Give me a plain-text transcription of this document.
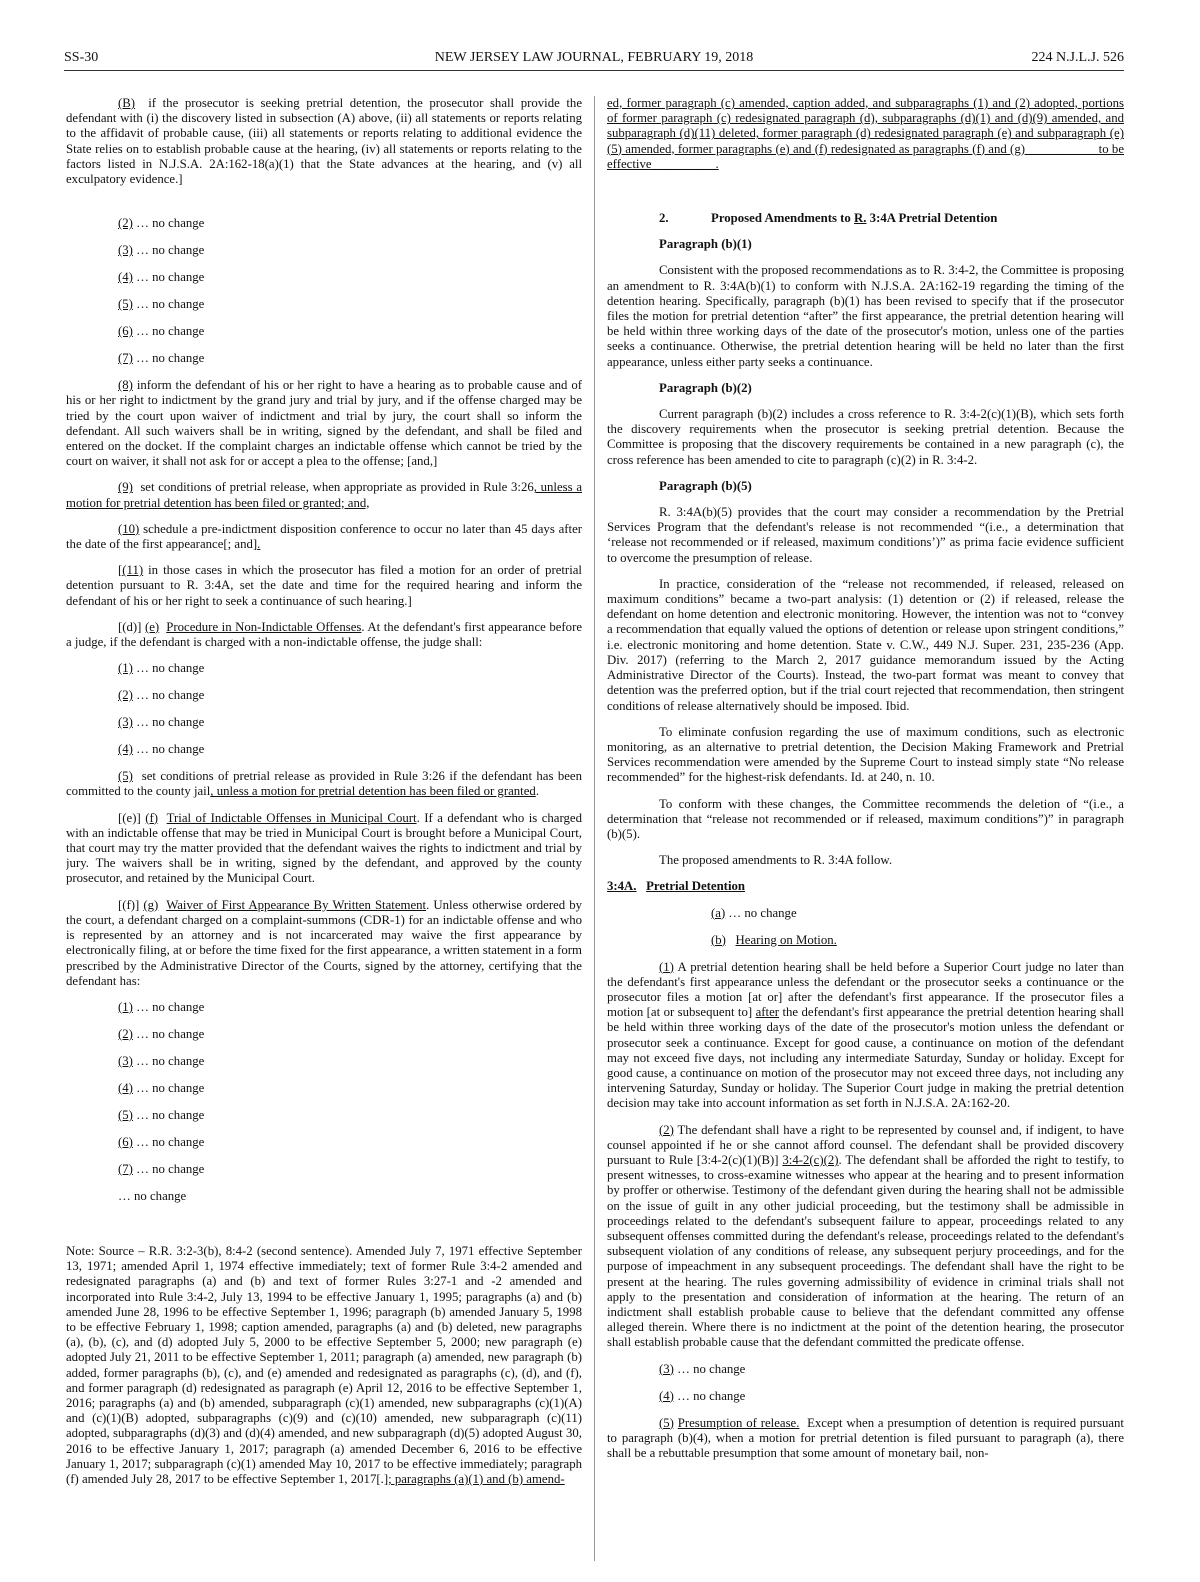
SS-30	NEW JERSEY LAW JOURNAL, FEBRUARY 19, 2018	224 N.J.L.J. 526

(B) if the prosecutor is seeking pretrial detention, the prosecutor shall provide the defendant with (i) the discovery listed in subsection (A) above, (ii) all statements or reports relating to the affidavit of probable cause, (iii) all statements or reports relating to additional evidence the State relies on to establish probable cause at the hearing, (iv) all statements or reports relating to the factors listed in N.J.S.A. 2A:162-18(a)(1) that the State advances at the hearing, and (v) all exculpatory evidence.]

(2) … no change
(3) … no change
(4) … no change
(5) … no change
(6) … no change
(7) … no change

(8) inform the defendant of his or her right to have a hearing as to probable cause and of his or her right to indictment by the grand jury and trial by jury, and if the offense charged may be tried by the court upon waiver of indictment and trial by jury, the court shall so inform the defendant. All such waivers shall be in writing, signed by the defendant, and shall be filed and entered on the docket. If the complaint charges an indictable offense which cannot be tried by the court on waiver, it shall not ask for or accept a plea to the offense; [and,]

(9) set conditions of pretrial release, when appropriate as provided in Rule 3:26, unless a motion for pretrial detention has been filed or granted; and,

(10) schedule a pre-indictment disposition conference to occur no later than 45 days after the date of the first appearance[; and].

[(11) in those cases in which the prosecutor has filed a motion for an order of pretrial detention pursuant to R. 3:4A, set the date and time for the required hearing and inform the defendant of his or her right to seek a continuance of such hearing.]

[(d)] (e) Procedure in Non-Indictable Offenses. At the defendant's first appearance before a judge, if the defendant is charged with a non-indictable offense, the judge shall:

(1) … no change
(2) … no change
(3) … no change
(4) … no change

(5) set conditions of pretrial release as provided in Rule 3:26 if the defendant has been committed to the county jail, unless a motion for pretrial detention has been filed or granted.

[(e)] (f) Trial of Indictable Offenses in Municipal Court. If a defendant who is charged with an indictable offense that may be tried in Municipal Court is brought before a Municipal Court, that court may try the matter provided that the defendant waives the rights to indictment and trial by jury. The waivers shall be in writing, signed by the defendant, and approved by the county prosecutor, and retained by the Municipal Court.

[(f)] (g) Waiver of First Appearance By Written Statement. Unless otherwise ordered by the court, a defendant charged on a complaint-summons (CDR-1) for an indictable offense and who is represented by an attorney and is not incarcerated may waive the first appearance by electronically filing, at or before the time fixed for the first appearance, a written statement in a form prescribed by the Administrative Director of the Courts, signed by the attorney, certifying that the defendant has:

(1) … no change
(2) … no change
(3) … no change
(4) … no change
(5) … no change
(6) … no change
(7) … no change
… no change

Note: Source – R.R. 3:2-3(b), 8:4-2 (second sentence). Amended July 7, 1971 effective September 13, 1971; amended April 1, 1974 effective immediately; text of former Rule 3:4-2 amended and redesignated paragraphs (a) and (b) and text of former Rules 3:27-1 and -2 amended and incorporated into Rule 3:4-2, July 13, 1994 to be effective January 1, 1995; paragraphs (a) and (b) amended June 28, 1996 to be effective September 1, 1996; paragraph (b) amended January 5, 1998 to be effective February 1, 1998; caption amended, paragraphs (a) and (b) deleted, new paragraphs (a), (b), (c), and (d) adopted July 5, 2000 to be effective September 5, 2000; new paragraph (e) adopted July 21, 2011 to be effective September 1, 2011; paragraph (a) amended, new paragraph (b) added, former paragraphs (b), (c), and (e) amended and redesignated as paragraphs (c), (d), and (f), and former paragraph (d) redesignated as paragraph (e) April 12, 2016 to be effective September 1, 2016; paragraphs (a) and (b) amended, subparagraph (c)(1) amended, new subparagraphs (c)(1)(A) and (c)(1)(B) adopted, subparagraphs (c)(9) and (c)(10) amended, new subparagraph (c)(11) adopted, subparagraphs (d)(3) and (d)(4) amended, and new subparagraph (d)(5) adopted August 30, 2016 to be effective January 1, 2017; paragraph (a) amended December 6, 2016 to be effective January 1, 2017; subparagraph (c)(1) amended May 10, 2017 to be effective immediately; paragraph (f) amended July 28, 2017 to be effective September 1, 2017[.]; paragraphs (a)(1) and (b) amend-

ed, former paragraph (c) amended, caption added, and subparagraphs (1) and (2) adopted, portions of former paragraph (c) redesignated paragraph (d), subparagraphs (d)(1) and (d)(9) amended, and subparagraph (d)(11) deleted, former paragraph (d) redesignated paragraph (e) and subparagraph (e)(5) amended, former paragraphs (e) and (f) redesignated as paragraphs (f) and (g) ___________to be effective__________.

2.	Proposed Amendments to R. 3:4A Pretrial Detention
Paragraph (b)(1)

Consistent with the proposed recommendations as to R. 3:4-2, the Committee is proposing an amendment to R. 3:4A(b)(1) to conform with N.J.S.A. 2A:162-19 regarding the timing of the detention hearing. Specifically, paragraph (b)(1) has been revised to specify that if the prosecutor files the motion for pretrial detention “after” the first appearance, the pretrial detention hearing will be held within three working days of the date of the prosecutor's motion, unless one of the parties seeks a continuance. Otherwise, the pretrial detention hearing will be held no later than the first appearance, unless either party seeks a continuance.

Paragraph (b)(2)

Current paragraph (b)(2) includes a cross reference to R. 3:4-2(c)(1)(B), which sets forth the discovery requirements when the prosecutor is seeking pretrial detention. Because the Committee is proposing that the discovery requirements be contained in a new paragraph (c), the cross reference has been amended to cite to paragraph (c)(2) in R. 3:4-2.

Paragraph (b)(5)

R. 3:4A(b)(5) provides that the court may consider a recommendation by the Pretrial Services Program that the defendant's release is not recommended “(i.e., a determination that ‘release not recommended or if released, maximum conditions’)” as prima facie evidence sufficient to overcome the presumption of release.

In practice, consideration of the “release not recommended, if released, released on maximum conditions” became a two-part analysis: (1) detention or (2) if released, release the defendant on home detention and electronic monitoring. However, the intention was not to “convey a recommendation that equally valued the options of detention or release upon stringent conditions,” i.e. electronic monitoring and home detention. State v. C.W., 449 N.J. Super. 231, 235-236 (App. Div. 2017) (referring to the March 2, 2017 guidance memorandum issued by the Acting Administrative Director of the Courts). Instead, the two-part format was meant to convey that detention was the preferred option, but if the trial court rejected that recommendation, then stringent conditions of release alternatively should be imposed. Ibid.

To eliminate confusion regarding the use of maximum conditions, such as electronic monitoring, as an alternative to pretrial detention, the Decision Making Framework and Pretrial Services recommendation were amended by the Supreme Court to instead simply state “No release recommended” for the highest-risk defendants. Id. at 240, n. 10.

To conform with these changes, the Committee recommends the deletion of “(i.e., a determination that “release not recommended or if released, maximum conditions”)” in paragraph (b)(5).

The proposed amendments to R. 3:4A follow.

3:4A. Pretrial Detention
(a) … no change
(b) Hearing on Motion.

(1) A pretrial detention hearing shall be held before a Superior Court judge no later than the defendant's first appearance unless the defendant or the prosecutor seeks a continuance or the prosecutor files a motion [at or] after the defendant's first appearance. If the prosecutor files a motion [at or subsequent to] after the defendant's first appearance the pretrial detention hearing shall be held within three working days of the date of the prosecutor's motion unless the defendant or prosecutor seek a continuance. Except for good cause, a continuance on motion of the defendant may not exceed five days, not including any intermediate Saturday, Sunday or holiday. Except for good cause, a continuance on motion of the prosecutor may not exceed three days, not including any intervening Saturday, Sunday or holiday. The Superior Court judge in making the pretrial detention decision may take into account information as set forth in N.J.S.A. 2A:162-20.

(2) The defendant shall have a right to be represented by counsel and, if indigent, to have counsel appointed if he or she cannot afford counsel. The defendant shall be provided discovery pursuant to Rule [3:4-2(c)(1)(B)] 3:4-2(c)(2). The defendant shall be afforded the right to testify, to present witnesses, to cross-examine witnesses who appear at the hearing and to present information by proffer or otherwise. Testimony of the defendant given during the hearing shall not be admissible on the issue of guilt in any other judicial proceeding, but the testimony shall be admissible in proceedings related to the defendant's subsequent failure to appear, proceedings related to any subsequent offenses committed during the defendant's release, proceedings related to the defendant's subsequent violation of any conditions of release, any subsequent perjury proceedings, and for the purpose of impeachment in any subsequent proceedings. The defendant shall have the right to be present at the hearing. The rules governing admissibility of evidence in criminal trials shall not apply to the presentation and consideration of information at the hearing. The return of an indictment shall establish probable cause to believe that the defendant committed any offense alleged therein. Where there is no indictment at the point of the detention hearing, the prosecutor shall establish probable cause that the defendant committed the predicate offense.

(3) … no change
(4) … no change

(5) Presumption of release. Except when a presumption of detention is required pursuant to paragraph (b)(4), when a motion for pretrial detention is filed pursuant to paragraph (a), there shall be a rebuttable presumption that some amount of monetary bail, non-
